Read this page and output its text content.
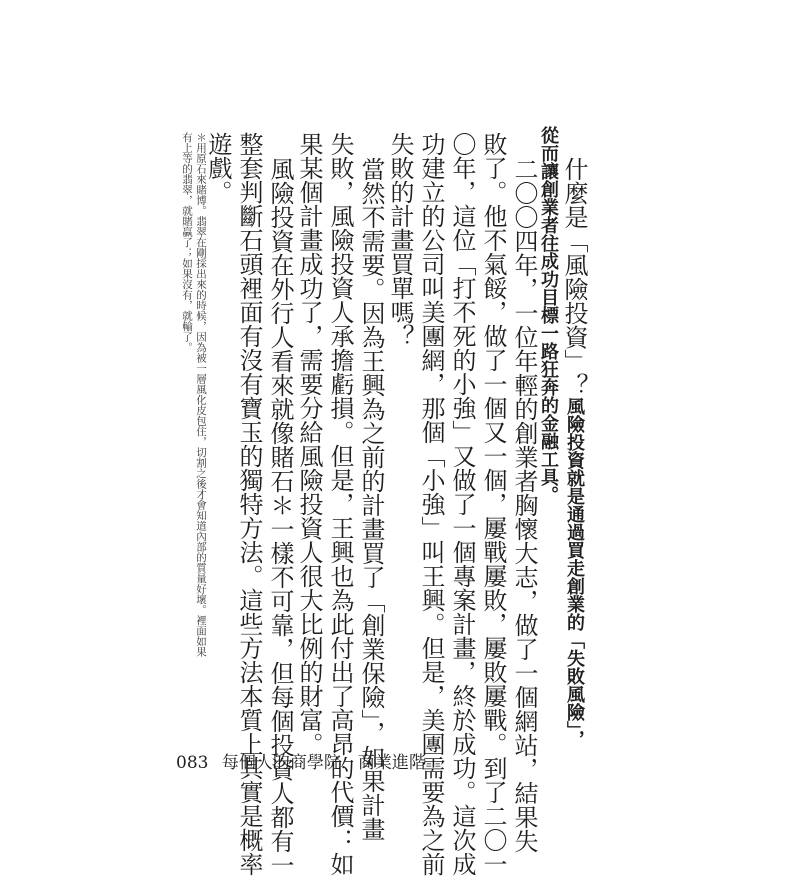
什麼是「風險投資」？風險投資就是通過買走創業的「失敗風險」，
從而讓創業者往成功目標一路狂奔的金融工具。
二〇〇四年，一位年輕的創業者胸懷大志，做了一個網站，結果失
敗了。他不氣餒，做了一個又一個，屢戰屢敗，屢敗屢戰。到了二〇一
〇年，這位「打不死的小強」又做了一個專案計畫，終於成功。這次成
功建立的公司叫美團網，那個「小強」叫王興。但是，美團需要為之前
失敗的計畫買單嗎？
當然不需要。因為王興為之前的計畫買了「創業保險」，如果計畫
失敗，風險投資人承擔虧損。但是，王興也為此付出了高昂的代價：如
果某個計畫成功了，需要分給風險投資人很大比例的財富。
風險投資在外行人看來就像賭石＊一樣不可靠，但每個投資人都有一
整套判斷石頭裡面有沒有寶玉的獨特方法。這些方法本質上其實是概率
遊戲。
＊用原石來賭博。翡翠在剛採出來的時候，因為被一層風化皮包住，切割之後才會知道內部的質量好壞。裡面如果
有上等的翡翠，就賭贏了；如果沒有，就輸了。
083 每個人的商學院．商業進階
